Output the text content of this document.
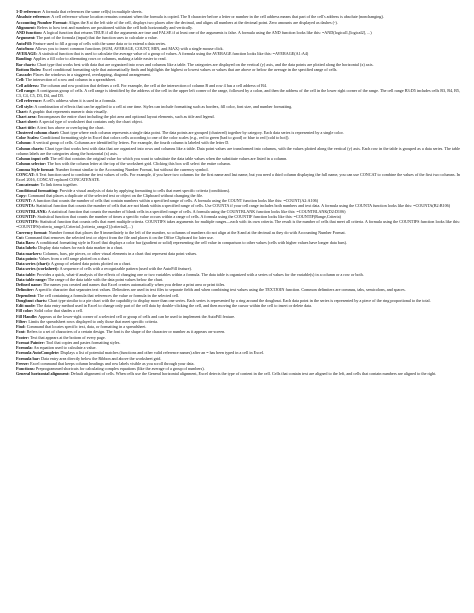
3-D reference: A formula that references the same cell(s) in multiple sheets.

Absolute reference: A cell reference whose location remains constant when the formula is copied. The $ character before a letter or number in the cell address means that part of the cell's address is absolute (nonchanging).

Accounting Number Format: Aligns the $ at the left side of the cell, displays two places after the decimal, and aligns all numbers at the decimal point. Zero amounts are displayed as dashes (-).

Alignment: Refers to how text and numbers are positioned within the cell both horizontally and vertically.

AND function: A logical function that returns TRUE if all the arguments are true and FALSE if at least one of the arguments is false. A formula using the AND function looks like this: =AND(logical1,[logical2], ...)

Argument: The part of the formula (input) that the function uses to calculate a value.

AutoFill: Feature used to fill a group of cells with the same data or to extend a data series.

AutoSum: Allows you to insert common functions (SUM, AVERAGE, COUNT, MIN, and MAX) with a single mouse click.

AVERAGE: A statistical function that is used to calculate the average value of a group of values. A formula using the AVERAGE function looks like this: =AVERAGE(A1:A4)

Banding: Applies a fill color to alternating rows or columns, making a table easier to read.

Bar charts: Chart type that works best with data that are organized into rows and columns like a table. The categories are displayed on the vertical (y) axis, and the data points are plotted along the horizontal (x) axis.

Bottom Rules: Excel conditional formatting style that automatically finds and highlights the highest or lowest values or values that are above or below the average in the specified range of cells.

Cascade: Places the windows in a staggered, overlapping, diagonal arrangement.

Cell: The intersection of a row and column in a spreadsheet.

Cell address: The column and row position that defines a cell. For example, the cell at the intersection of column B and row 4 has a cell address of B4.

Cell range: A contiguous group of cells. A cell range is identified by the address of the cell in the upper left corner of the range, followed by a colon, and then the address of the cell in the lower right corner of the range. The cell range B3:D5 includes cells B3, B4, B5, C3, C4, C5, D3, D4, and D5.

Cell reference: A cell's address when it is used in a formula.

Cell style: A combination of effects that can be applied to a cell at one time. Styles can include formatting such as borders, fill color, font size, and number formatting.

Chart: A graphic that represents numeric data visually.

Chart area: Encompasses the entire chart including the plot area and optional layout elements, such as title and legend.

Chart sheet: A special type of worksheet that contains only the chart object.

Chart title: A text box above or overlaying the chart.

Clustered column chart: Chart type where each column represents a single data point. The data points are grouped (clustered) together by category. Each data series is represented by a single color.

Color Scales: Conditional formatting style in Excel that colors cells according to one of the color scales (e.g., red to green [bad to good] or blue to red [cold to hot]).

Column: A vertical group of cells. Columns are identified by letters. For example, the fourth column is labeled with the letter D.

Column charts: Chart type that works best with data that are organized into rows and columns like a table. Data point values are transformed into columns, with the values plotted along the vertical (y) axis. Each row in the table is grouped as a data series. The table column labels are the categories along the horizontal (x) axis.

Column input cell: The cell that contains the original value for which you want to substitute the data table values when the substitute values are listed in a column.

Column selector: The box with the column letter at the top of the worksheet grid. Clicking this box will select the entire column.

Comma Style format: Number format similar to the Accounting Number Format, but without the currency symbol.

CONCAT: A Text function used to combine the text values of cells. For example, if you have two columns for the first name and last name, but you need a third column displaying the full name, you can use CONCAT to combine the values of the first two columns. In Excel 2016, CONCAT replaced CONCATENATE.

Concatenate: To link items together.

Conditional formatting: Provide a visual analysis of data by applying formatting to cells that meet specific criteria (conditions).

Copy: Command that places a duplicate of the selected text or object on the Clipboard without changing the file.

COUNT: A function that counts the number of cells that contain numbers within a specified range of cells. A formula using the COUNT function looks like this: =COUNT(A2:A106)

COUNTA: Statistical function that counts the number of cells that are not blank within a specified range of cells. Use COUNTA if your cell range includes both numbers and text data. A formula using the COUNTA function looks like this: =COUNTA(B2:B106)

COUNTBLANK: A statistical function that counts the number of blank cells in a specified range of cells. A formula using the COUNTBLANK function looks like this: =COUNTBLANK(D2:D106)

COUNTIF: Statistical function that counts the number of times a specific value occurs within a range of cells. A formula using the COUNTIF function looks like this: =COUNTIF(Range,Criteria)

COUNTIFS: Statistical function that counts cells that meet multiple criteria. COUNTIFS takes arguments for multiple ranges—each with its own criteria. The result is the number of cells that meet all criteria. A formula using the COUNTIFS function looks like this: =COUNTIFS(criteria_range1,Criteria1,[criteria_range2],[criteria2],...)

Currency format: Number format that places the $ immediately to the left of the number, so columns of numbers do not align at the $ and at the decimal as they do with Accounting Number Format.

Cut: Command that removes the selected text or object from the file and places it on the Office Clipboard for later use.

Data Bars: A conditional formatting style in Excel that displays a color bar (gradient or solid) representing the cell value in comparison to other values (cells with higher values have longer data bars).

Data labels: Display data values for each data marker in a chart.

Data markers: Columns, bars, pie pieces, or other visual elements in a chart that represent data point values.

Data points: Values from a cell range plotted on a chart.

Data series (chart): A group of related data points plotted on a chart.

Data series (worksheet): A sequence of cells with a recognizable pattern (used with the AutoFill feature).

Data table: Provides a quick, what-if analysis of the effects of changing one or two variables within a formula. The data table is organized with a series of values for the variable(s) in a column or a row or both.

Data table range: The range of the data table with the data point values below the chart.

Defined name: The names you created and names that Excel creates automatically when you define a print area or print titles.

Delimiter: A specific character that separates text values. Delimiters are used in text files to separate fields and when combining text values using the TEXTJOIN function. Common delimiters are commas, tabs, semicolons, and spaces.

Dependent: The cell containing a formula that references the value or formula in the selected cell.

Doughnut charts: Chart type similar to a pie chart with the capability to display more than one series. Each series is represented by a ring around the doughnut. Each data point in the series is represented by a piece of the ring proportional to the total.

Edit mode: The data entry method used in Excel to change only part of the cell data by double-clicking the cell, and then moving the cursor within the cell to insert or delete data.

Fill color: Solid color that shades a cell.

Fill Handle: Appears at the lower-right corner of a selected cell or group of cells and can be used to implement the AutoFill feature.

Filter: Limits the spreadsheet rows displayed to only those that meet specific criteria.

Find: Command that locates specific text, data, or formatting in a spreadsheet.

Font: Refers to a set of characters of a certain design. The font is the shape of the character or number as it appears on-screen.

Footer: Text that appears at the bottom of every page.

Format Painter: Tool that copies and pastes formatting styles.

Formula: An equation used to calculate a value.

Formula AutoComplete: Displays a list of potential matches (functions and other valid reference names) after an = has been typed in a cell in Excel.

Formula bar: Data entry area directly below the Ribbon and above the worksheet grid.

Freeze: Excel command that keeps column headings and row labels visible as you scroll through your data.

Functions: Preprogrammed shortcuts for calculating complex equations (like the average of a group of numbers).

General horizontal alignment: Default alignment of cells. When cells use the General horizontal alignment, Excel detects the type of content in the cell. Cells that contain text are aligned to the left, and cells that contain numbers are aligned to the right.
